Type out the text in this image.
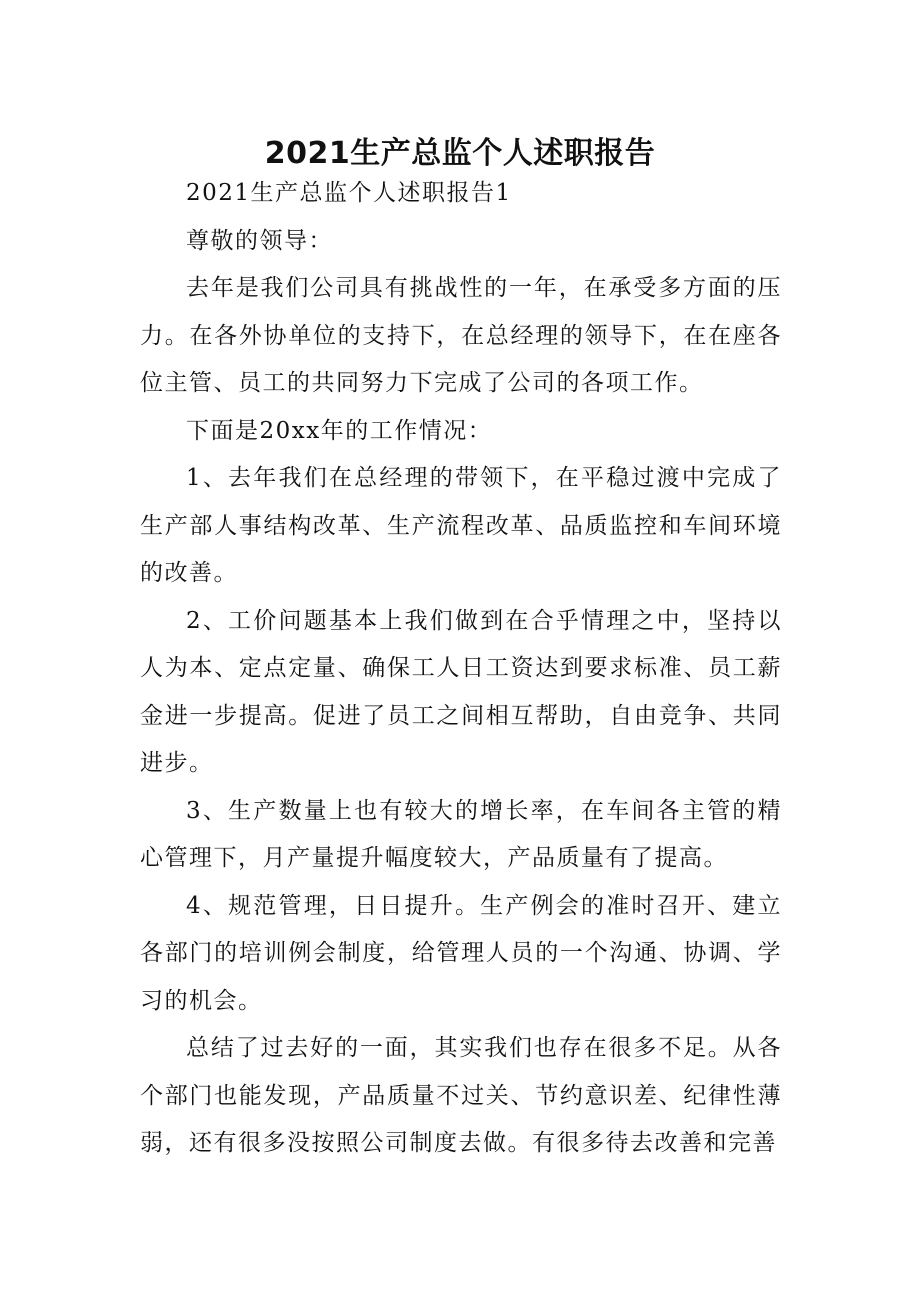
2021生产总监个人述职报告

2021生产总监个人述职报告1

尊敬的领导：

去年是我们公司具有挑战性的一年，在承受多方面的压力。在各外协单位的支持下，在总经理的领导下，在在座各位主管、员工的共同努力下完成了公司的各项工作。

下面是20xx年的工作情况：

1、去年我们在总经理的带领下，在平稳过渡中完成了生产部人事结构改革、生产流程改革、品质监控和车间环境的改善。

2、工价问题基本上我们做到在合乎情理之中，坚持以人为本、定点定量、确保工人日工资达到要求标准、员工薪金进一步提高。促进了员工之间相互帮助，自由竞争、共同进步。

3、生产数量上也有较大的增长率，在车间各主管的精心管理下，月产量提升幅度较大，产品质量有了提高。

4、规范管理，日日提升。生产例会的准时召开、建立各部门的培训例会制度，给管理人员的一个沟通、协调、学习的机会。

总结了过去好的一面，其实我们也存在很多不足。从各个部门也能发现，产品质量不过关、节约意识差、纪律性薄弱，还有很多没按照公司制度去做。有很多待去改善和完善
